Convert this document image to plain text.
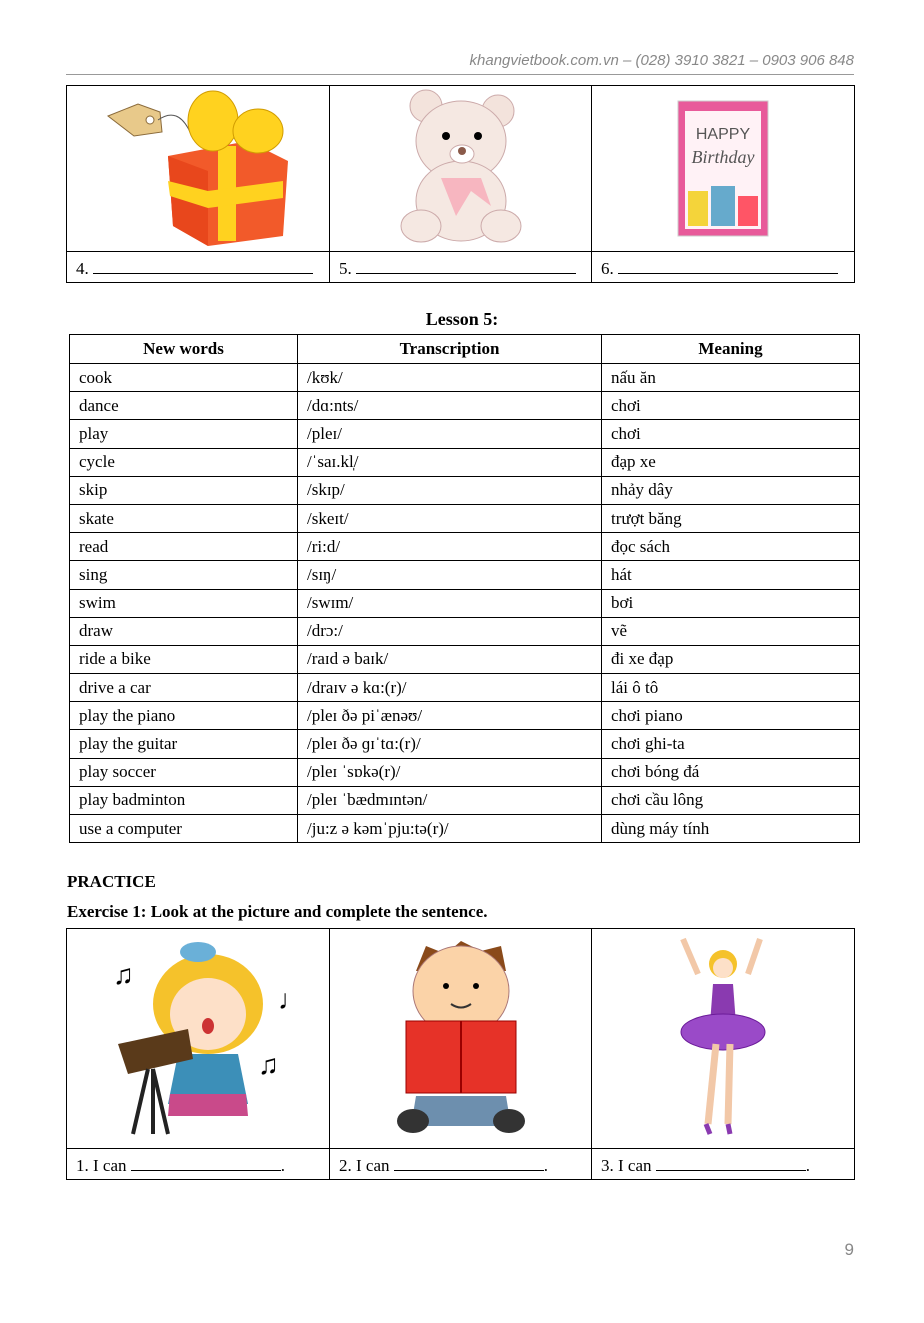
khangvietbook.com.vn – (028) 3910 3821 – 0903 906 848

HAPPY
Birthday

4.	5.	6.
Lesson 5:
New words	Transcription	Meaning
cook	/kʊk/	nấu ăn
dance	/dɑ:nts/	chơi
play	/pleɪ/	chơi
cycle	/ˈsaɪ.kl̩/	đạp xe
skip	/skɪp/	nhảy dây
skate	/skeɪt/	trượt băng
read	/ri:d/	đọc sách
sing	/sɪŋ/	hát
swim	/swɪm/	bơi
draw	/drɔ:/	vẽ
ride a bike	/raɪd ə baɪk/	đi xe đạp
drive a car	/draɪv ə kɑ:(r)/	lái ô tô
play the piano	/pleɪ ðə piˈænəʊ/	chơi piano
play the guitar	/pleɪ ðə ɡɪˈtɑ:(r)/	chơi ghi-ta
play soccer	/pleɪ ˈsɒkə(r)/	chơi bóng đá
play badminton	/pleɪ ˈbædmɪntən/	chơi cầu lông
use a computer	/ju:z ə kəmˈpju:tə(r)/	dùng máy tính
PRACTICE
Exercise 1: Look at the picture and complete the sentence.
♫
♩
♫

1. I can .	2. I can .	3. I can .
9
